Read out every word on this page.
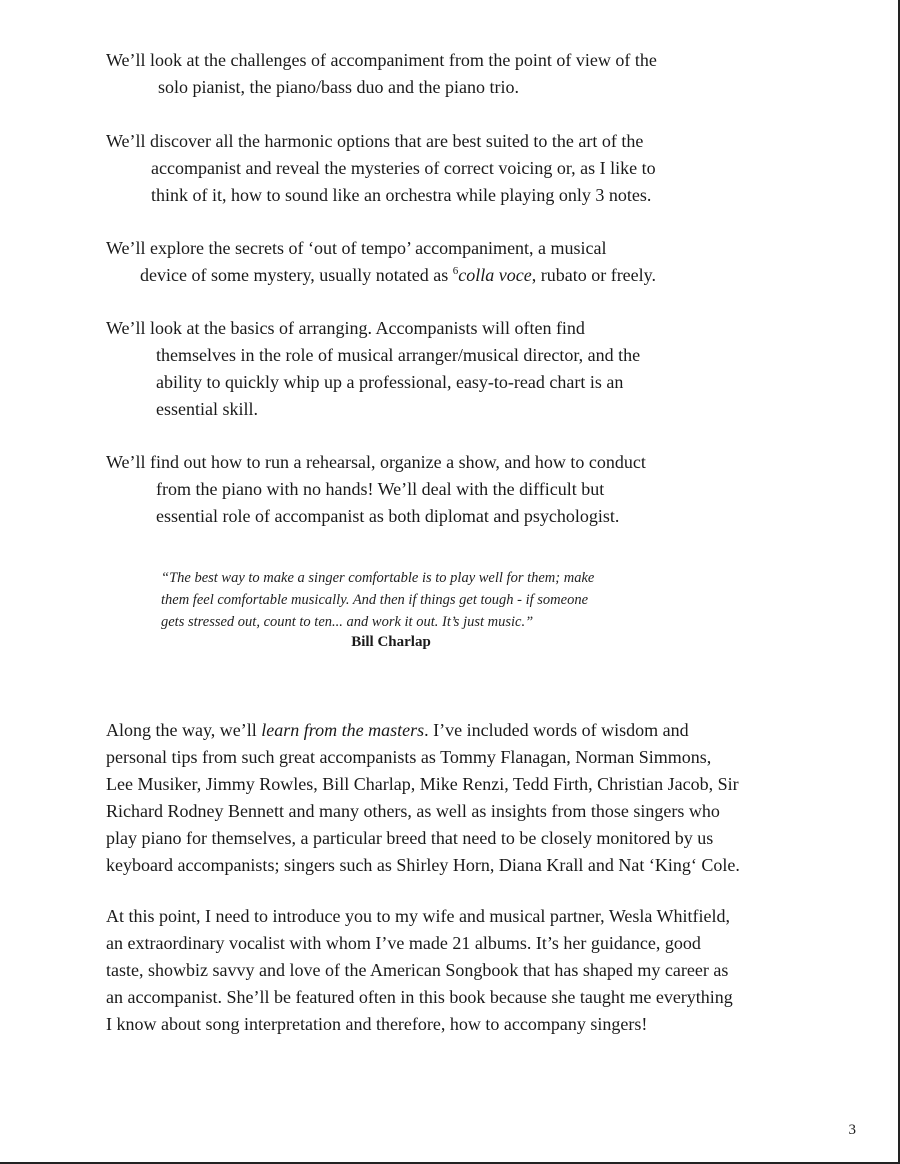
We’ll look at the challenges of accompaniment from the point of view of the
solo pianist, the piano/bass duo and the piano trio.
We’ll discover all the harmonic options that are best suited to the art of the
accompanist and reveal the mysteries of correct voicing or, as I like to
think of it, how to sound like an orchestra while playing only 3 notes.
We’ll explore the secrets of ‘out of tempo’ accompaniment, a musical
device of some mystery, usually notated as $^6$colla voce, rubato or freely.
We’ll look at the basics of arranging. Accompanists will often find
themselves in the role of musical arranger/musical director, and the
ability to quickly whip up a professional, easy-to-read chart is an
essential skill.
We’ll find out how to run a rehearsal, organize a show, and how to conduct
from the piano with no hands! We’ll deal with the difficult but
essential role of accompanist as both diplomat and psychologist.
“The best way to make a singer comfortable is to play well for them; make
them feel comfortable musically. And then if things get tough - if someone
gets stressed out, count to ten... and work it out. It’s just music.”
Bill Charlap
Along the way, we’ll learn from the masters. I’ve included words of wisdom and
personal tips from such great accompanists as Tommy Flanagan, Norman Simmons,
Lee Musiker, Jimmy Rowles, Bill Charlap, Mike Renzi, Tedd Firth, Christian Jacob, Sir
Richard Rodney Bennett and many others, as well as insights from those singers who
play piano for themselves, a particular breed that need to be closely monitored by us
keyboard accompanists; singers such as Shirley Horn, Diana Krall and Nat ‘King‘ Cole.
At this point, I need to introduce you to my wife and musical partner, Wesla Whitfield,
an extraordinary vocalist with whom I’ve made 21 albums. It’s her guidance, good
taste, showbiz savvy and love of the American Songbook that has shaped my career as
an accompanist. She’ll be featured often in this book because she taught me everything
I know about song interpretation and therefore, how to accompany singers!
3
